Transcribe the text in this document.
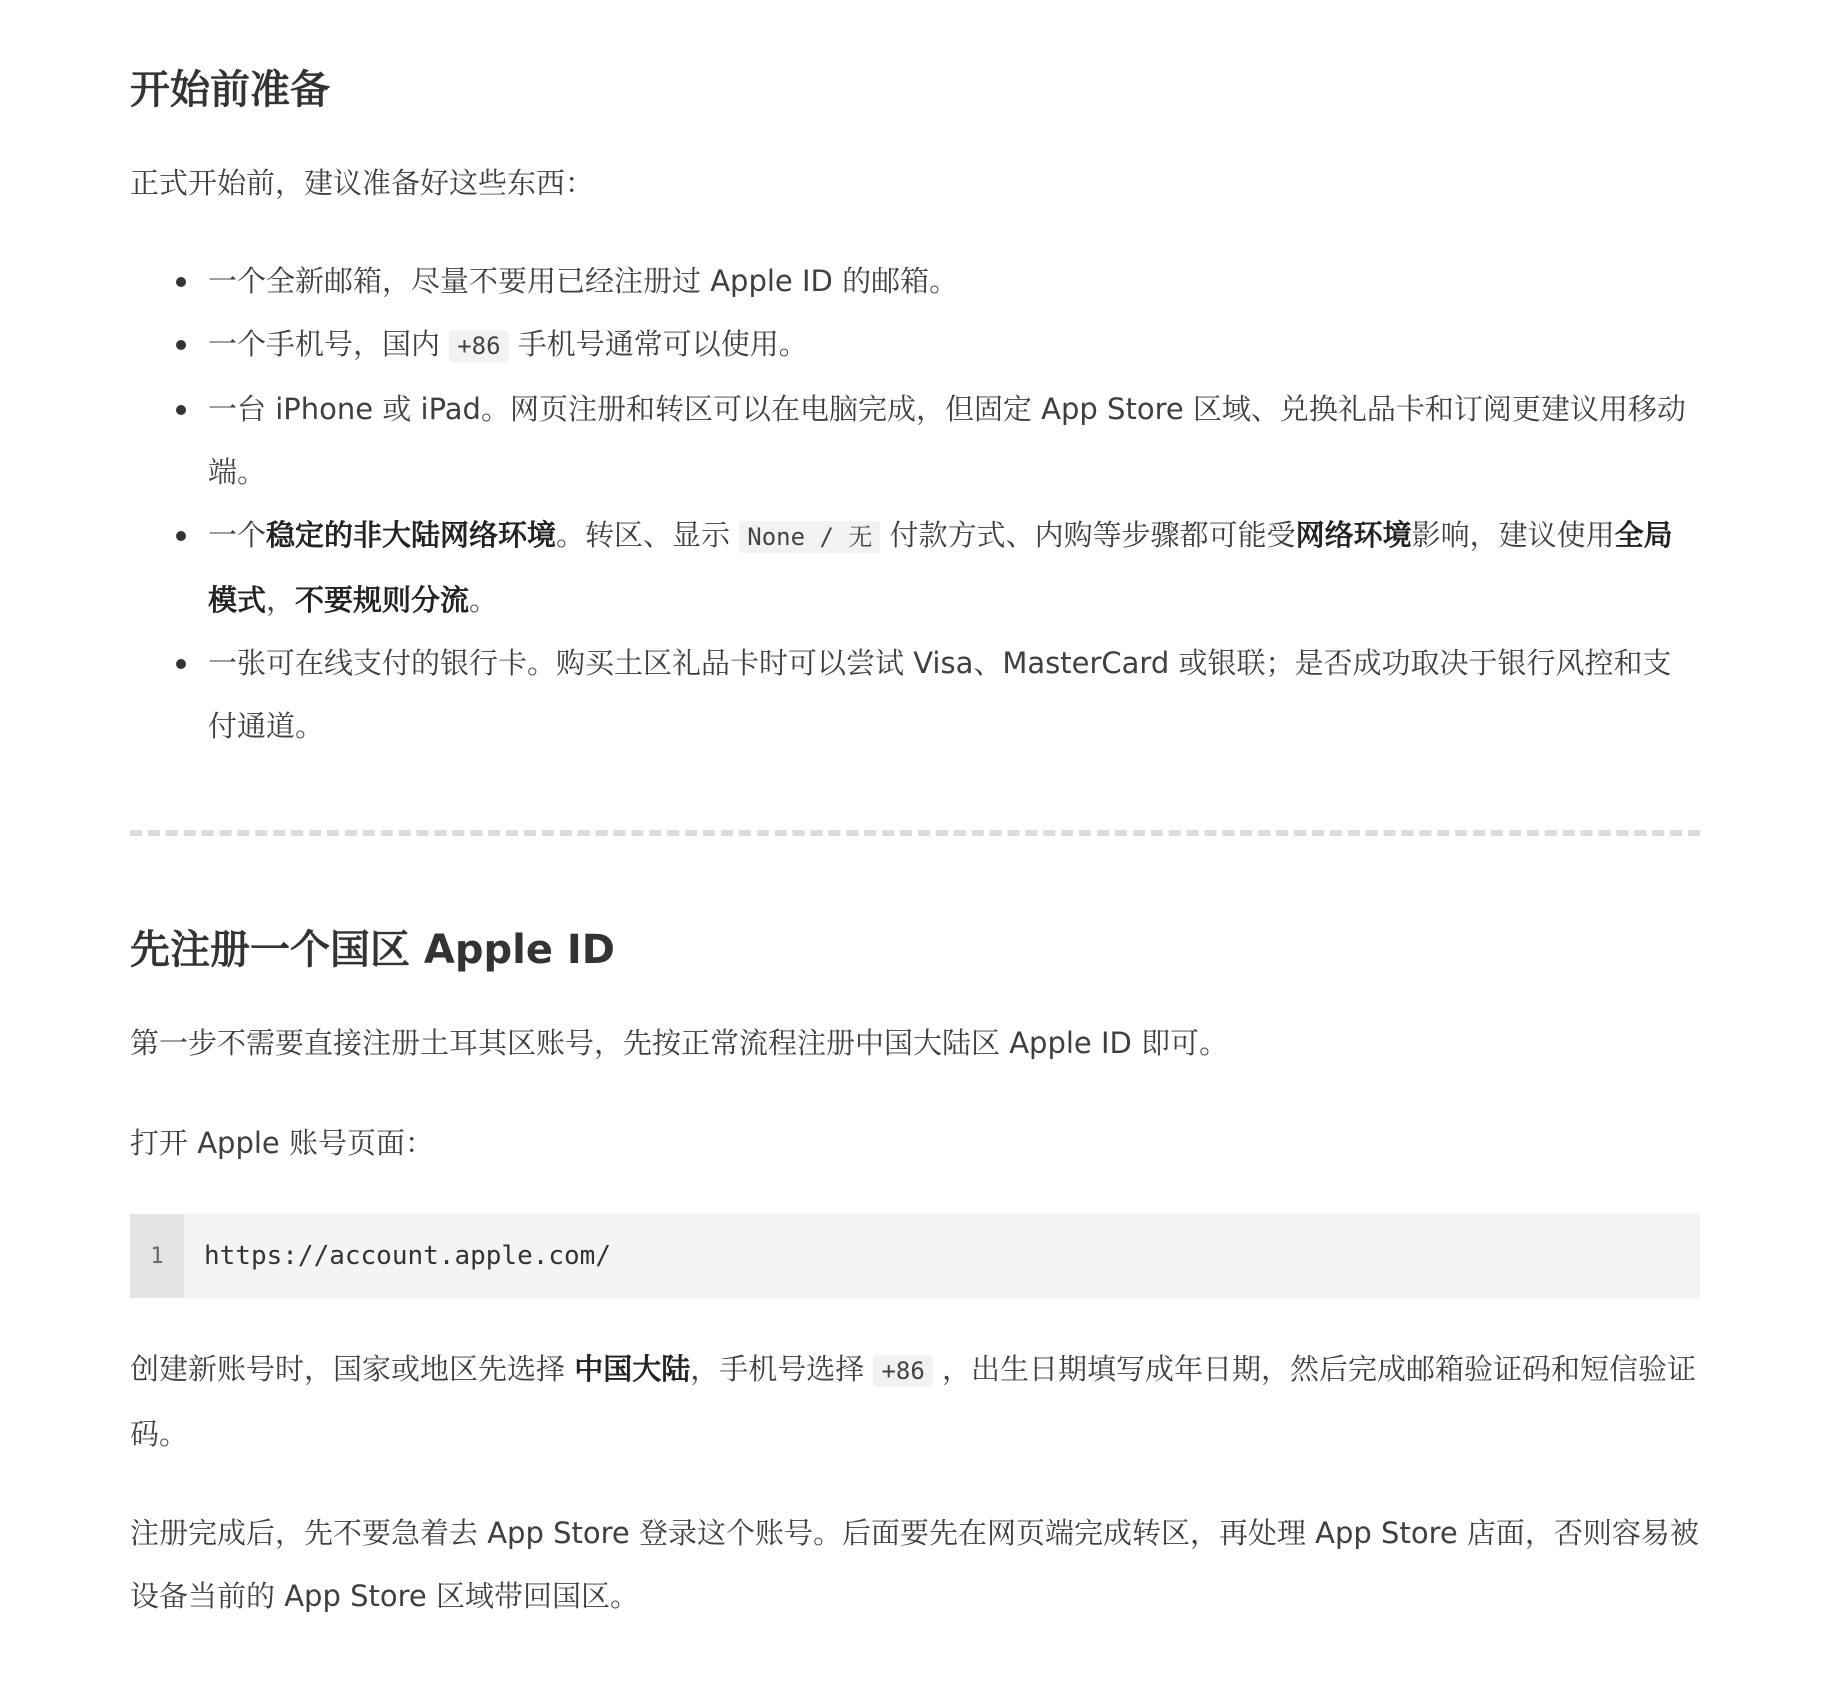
开始前准备

正式开始前，建议准备好这些东西：

一个全新邮箱，尽量不要用已经注册过 Apple ID 的邮箱。
一个手机号，国内 +86 手机号通常可以使用。
一台 iPhone 或 iPad。网页注册和转区可以在电脑完成，但固定 App Store 区域、兑换礼品卡和订阅更建议用移动端。
一个稳定的非大陆网络环境。转区、显示 None / 无 付款方式、内购等步骤都可能受网络环境影响，建议使用全局模式，不要规则分流。
一张可在线支付的银行卡。购买土区礼品卡时可以尝试 Visa、MasterCard 或银联；是否成功取决于银行风控和支付通道。
先注册一个国区 Apple ID

第一步不需要直接注册土耳其区账号，先按正常流程注册中国大陆区 Apple ID 即可。

打开 Apple 账号页面：

1	https://account.apple.com/

创建新账号时，国家或地区先选择 中国大陆，手机号选择 +86 ，出生日期填写成年日期，然后完成邮箱验证码和短信验证码。

注册完成后，先不要急着去 App Store 登录这个账号。后面要先在网页端完成转区，再处理 App Store 店面，否则容易被设备当前的 App Store 区域带回国区。
